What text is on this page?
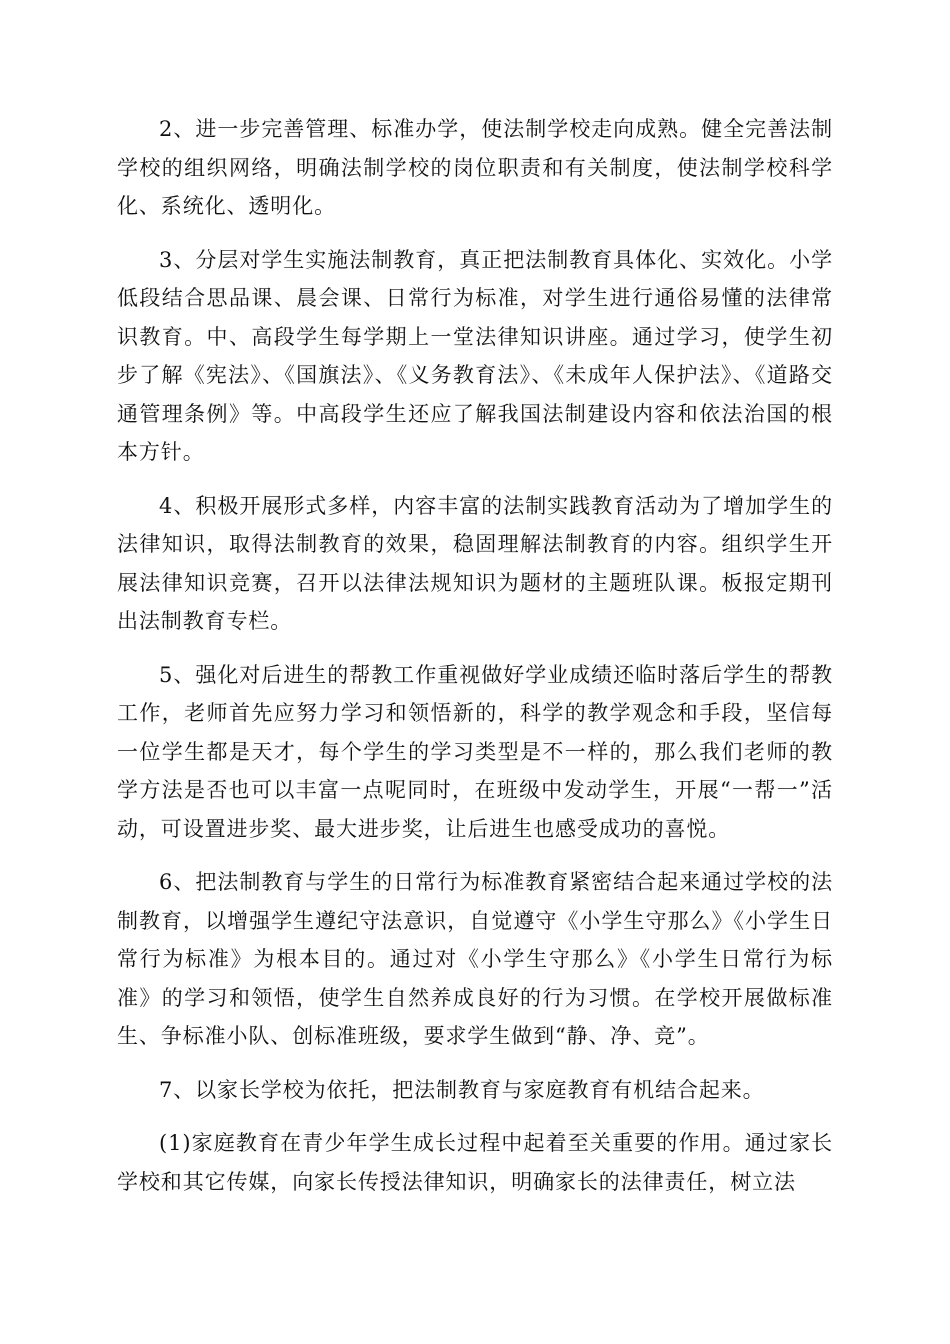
2、进一步完善管理、标准办学，使法制学校走向成熟。健全完善法制学校的组织网络，明确法制学校的岗位职责和有关制度，使法制学校科学化、系统化、透明化。

3、分层对学生实施法制教育，真正把法制教育具体化、实效化。小学低段结合思品课、晨会课、日常行为标准，对学生进行通俗易懂的法律常识教育。中、高段学生每学期上一堂法律知识讲座。通过学习，使学生初步了解《宪法》、《国旗法》、《义务教育法》、《未成年人保护法》、《道路交通管理条例》等。中高段学生还应了解我国法制建设内容和依法治国的根本方针。

4、积极开展形式多样，内容丰富的法制实践教育活动为了增加学生的法律知识，取得法制教育的效果，稳固理解法制教育的内容。组织学生开展法律知识竞赛，召开以法律法规知识为题材的主题班队课。板报定期刊出法制教育专栏。

5、强化对后进生的帮教工作重视做好学业成绩还临时落后学生的帮教工作，老师首先应努力学习和领悟新的，科学的教学观念和手段，坚信每一位学生都是天才，每个学生的学习类型是不一样的，那么我们老师的教学方法是否也可以丰富一点呢同时，在班级中发动学生，开展“一帮一”活动，可设置进步奖、最大进步奖，让后进生也感受成功的喜悦。

6、把法制教育与学生的日常行为标准教育紧密结合起来通过学校的法制教育，以增强学生遵纪守法意识，自觉遵守《小学生守那么》《小学生日常行为标准》为根本目的。通过对《小学生守那么》《小学生日常行为标准》的学习和领悟，使学生自然养成良好的行为习惯。在学校开展做标准生、争标准小队、创标准班级，要求学生做到“静、净、竞”。

7、以家长学校为依托，把法制教育与家庭教育有机结合起来。

(1)家庭教育在青少年学生成长过程中起着至关重要的作用。通过家长学校和其它传媒，向家长传授法律知识，明确家长的法律责任，树立法
